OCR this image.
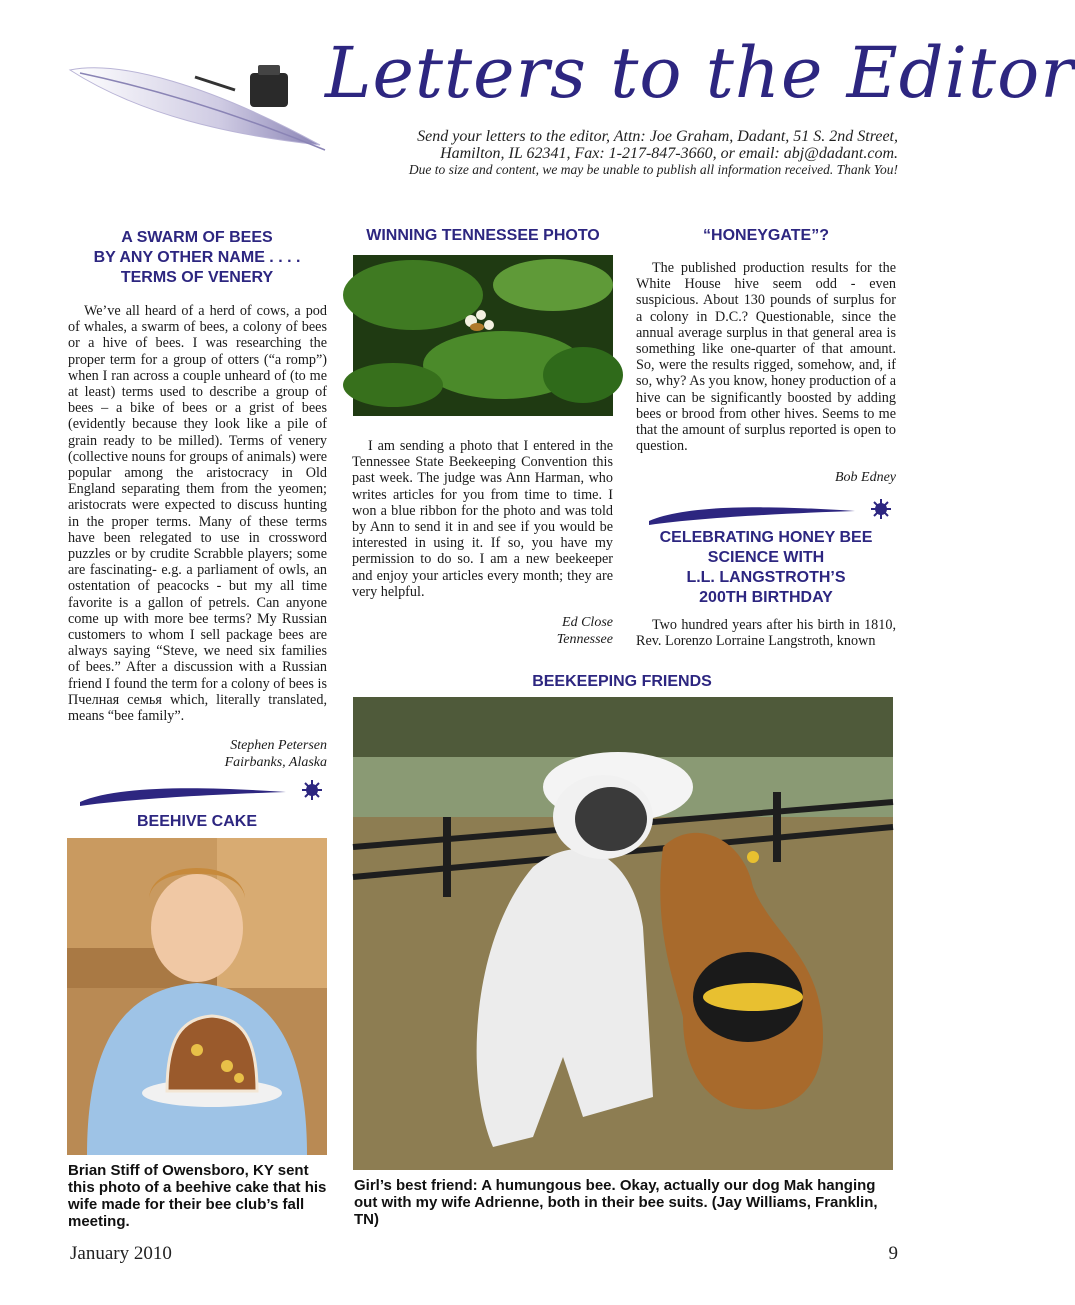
Letters to the Editor
Send your letters to the editor, Attn: Joe Graham, Dadant, 51 S. 2nd Street,
Hamilton, IL 62341, Fax: 1-217-847-3660, or email: abj@dadant.com.
Due to size and content, we may be unable to publish all information received. Thank You!
A SWARM OF BEES
BY ANY OTHER NAME . . . .
TERMS OF VENERY
We’ve all heard of a herd of cows, a pod of whales, a swarm of bees, a colony of bees or a hive of bees. I was researching the proper term for a group of otters (“a romp”) when I ran across a couple unheard of (to me at least) terms used to describe a group of bees – a bike of bees or a grist of bees (evidently because they look like a pile of grain ready to be milled). Terms of venery (collective nouns for groups of animals) were popular among the aristocracy in Old England separating them from the yeomen; aristocrats were expected to discuss hunting in the proper terms. Many of these terms have been relegated to use in crossword puzzles or by crudite Scrabble players; some are fascinating- e.g. a parliament of owls, an ostentation of peacocks - but my all time favorite is a gallon of petrels. Can anyone come up with more bee terms? My Russian customers to whom I sell package bees are always saying “Steve, we need six families of bees.” After a discussion with a Russian friend I found the term for a colony of bees is Пчелная семья which, literally translated, means “bee family”.
Stephen Petersen
Fairbanks, Alaska
BEEHIVE CAKE
Brian Stiff of Owensboro, KY sent this photo of a beehive cake that his wife made for their bee club’s fall meeting.
WINNING TENNESSEE PHOTO
I am sending a photo that I entered in the Tennessee State Beekeeping Convention this past week. The judge was Ann Harman, who writes articles for you from time to time. I won a blue ribbon for the photo and was told by Ann to send it in and see if you would be interested in using it. If so, you have my permission to do so. I am a new beekeeper and enjoy your articles every month; they are very helpful.
Ed Close
Tennessee
“HONEYGATE”?
The published production results for the White House hive seem odd - even suspicious. About 130 pounds of surplus for a colony in D.C.? Questionable, since the annual average surplus in that general area is something like one-quarter of that amount. So, were the results rigged, somehow, and, if so, why? As you know, honey production of a hive can be significantly boosted by adding bees or brood from other hives. Seems to me that the amount of surplus reported is open to question.
Bob Edney
CELEBRATING HONEY BEE
SCIENCE WITH
L.L. LANGSTROTH’S
200TH BIRTHDAY
Two hundred years after his birth in 1810, Rev. Lorenzo Lorraine Langstroth, known
BEEKEEPING FRIENDS
Girl’s best friend: A humungous bee. Okay, actually our dog Mak hanging out with my wife Adrienne, both in their bee suits. (Jay Williams, Franklin, TN)
January 2010	9
